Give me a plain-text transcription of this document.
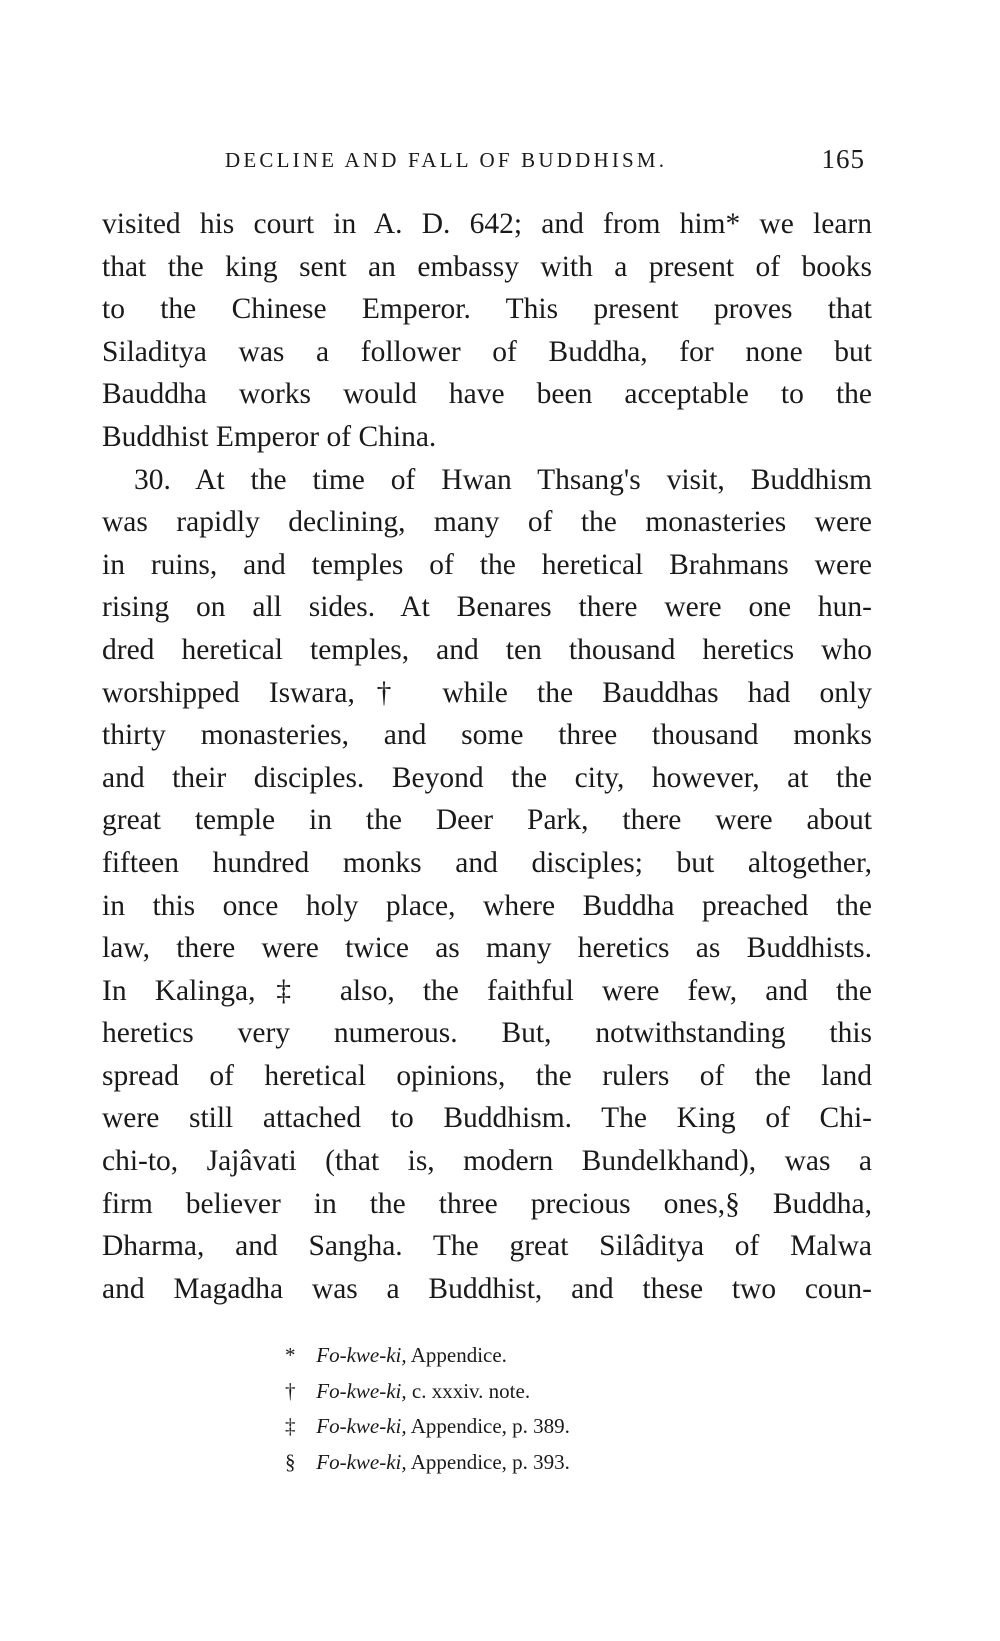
DECLINE AND FALL OF BUDDHISM.	165
visited his court in A. D. 642; and from him* we learn
that the king sent an embassy with a present of books
to the Chinese Emperor. This present proves that
Siladitya was a follower of Buddha, for none but
Bauddha works would have been acceptable to the
Buddhist Emperor of China.
30. At the time of Hwan Thsang's visit, Buddhism
was rapidly declining, many of the monasteries were
in ruins, and temples of the heretical Brahmans were
rising on all sides. At Benares there were one hun-
dred heretical temples, and ten thousand heretics who
worshipped Iswara,† while the Bauddhas had only
thirty monasteries, and some three thousand monks
and their disciples. Beyond the city, however, at the
great temple in the Deer Park, there were about
fifteen hundred monks and disciples; but altogether,
in this once holy place, where Buddha preached the
law, there were twice as many heretics as Buddhists.
In Kalinga,‡ also, the faithful were few, and the
heretics very numerous. But, notwithstanding this
spread of heretical opinions, the rulers of the land
were still attached to Buddhism. The King of Chi-
chi-to, Jajâvati (that is, modern Bundelkhand), was a
firm believer in the three precious ones,§ Buddha,
Dharma, and Sangha. The great Silâditya of Malwa
and Magadha was a Buddhist, and these two coun-
* Fo-kwe-ki, Appendice.
† Fo-kwe-ki, c. xxxiv. note.
‡ Fo-kwe-ki, Appendice, p. 389.
§ Fo-kwe-ki, Appendice, p. 393.
